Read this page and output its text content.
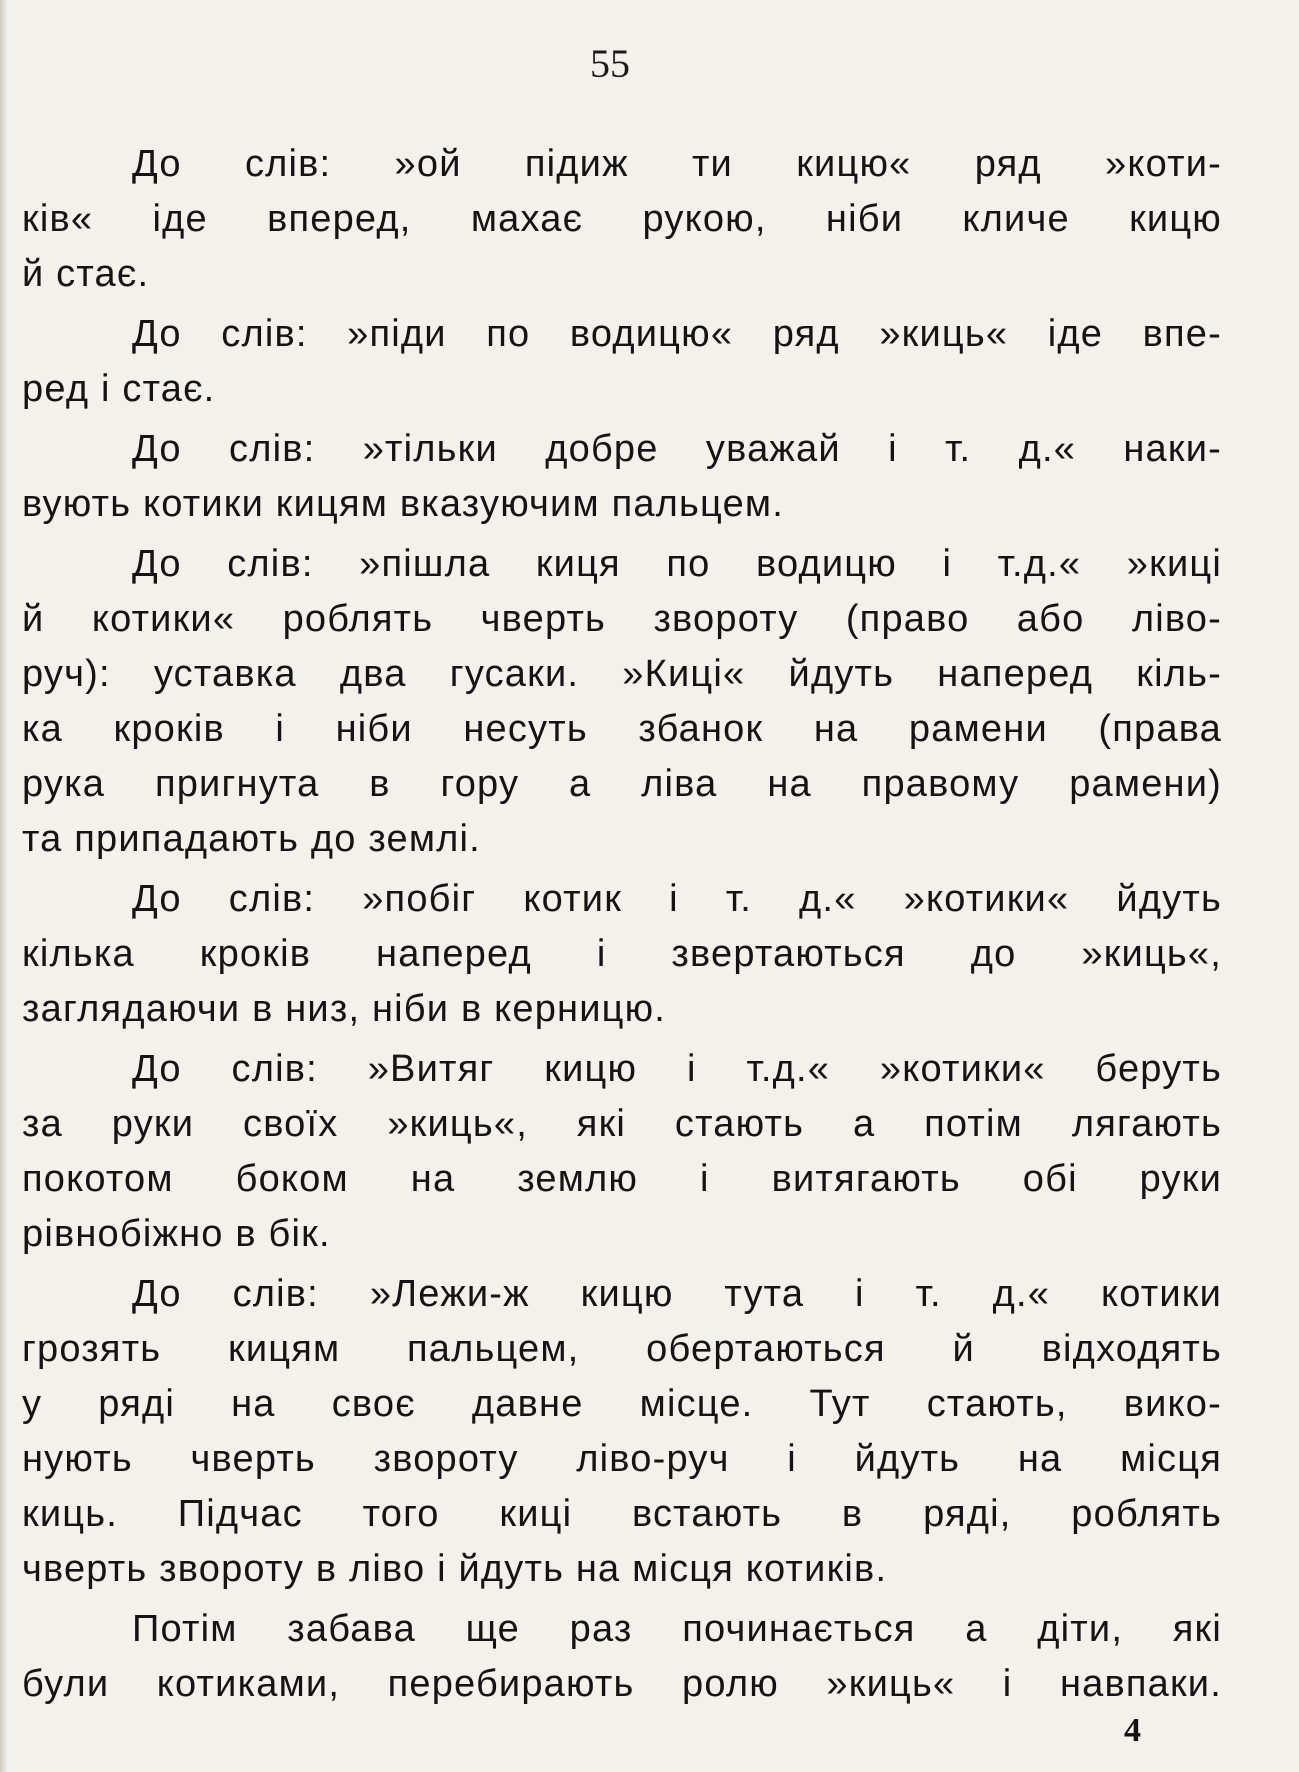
55
До слів: »ой підиж ти кицю« ряд »коти-
ків« іде вперед, махає рукою, ніби кличе кицю
й стає.
До слів: »піди по водицю« ряд »киць« іде впе-
ред і стає.
До слів: »тільки добре уважай і т. д.« наки-
вують котики кицям вказуючим пальцем.
До слів: »пішла киця по водицю і т.д.« »киці
й котики« роблять чверть звороту (право або ліво-
руч): уставка два гусаки. »Киці« йдуть наперед кіль-
ка кроків і ніби несуть збанок на рамени (права
рука пригнута в гору а ліва на правому рамени)
та припадають до землі.
До слів: »побіг котик і т. д.« »котики« йдуть
кілька кроків наперед і звертаються до »киць«,
заглядаючи в низ, ніби в керницю.
До слів: »Витяг кицю і т.д.« »котики« беруть
за руки своїх »киць«, які стають а потім лягають
покотом боком на землю і витягають обі руки
рівнобіжно в бік.
До слів: »Лежи-ж кицю тута і т. д.« котики
грозять кицям пальцем, обертаються й відходять
у ряді на своє давне місце. Тут стають, вико-
нують чверть звороту ліво-руч і йдуть на місця
киць. Підчас того киці встають в ряді, роблять
чверть звороту в ліво і йдуть на місця котиків.
Потім забава ще раз починається а діти, які
були котиками, перебирають ролю »киць« і навпаки.
4
